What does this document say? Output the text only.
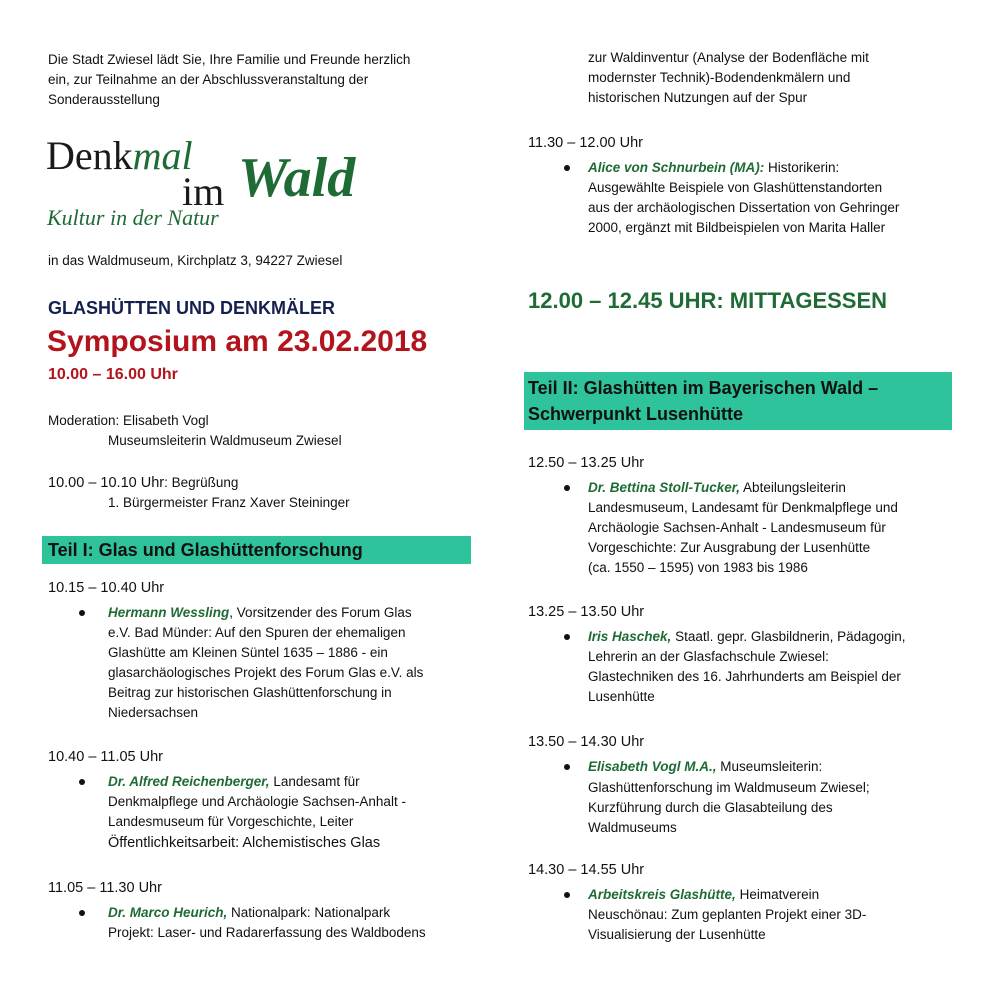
Die Stadt Zwiesel lädt Sie, Ihre Familie und Freunde herzlich
ein, zur Teilnahme an der Abschlussveranstaltung der
Sonderausstellung
Denkmal
im Wald
Kultur in der Natur
in das Waldmuseum, Kirchplatz 3, 94227 Zwiesel
GLASHÜTTEN UND DENKMÄLER
Symposium am 23.02.2018
10.00 – 16.00 Uhr
Moderation: Elisabeth Vogl
Museumsleiterin Waldmuseum Zwiesel
10.00 – 10.10 Uhr: Begrüßung
1. Bürgermeister Franz Xaver Steininger
Teil I: Glas und Glashüttenforschung
10.15 – 10.40 Uhr
Hermann Wessling, Vorsitzender des Forum Glas
e.V. Bad Münder: Auf den Spuren der ehemaligen
Glashütte am Kleinen Süntel 1635 – 1886 - ein
glasarchäologisches Projekt des Forum Glas e.V. als
Beitrag zur historischen Glashüttenforschung in
Niedersachsen
10.40 – 11.05 Uhr
Dr. Alfred Reichenberger, Landesamt für
Denkmalpflege und Archäologie Sachsen-Anhalt -
Landesmuseum für Vorgeschichte, Leiter
Öffentlichkeitsarbeit: Alchemistisches Glas
11.05 – 11.30 Uhr
Dr. Marco Heurich, Nationalpark: Nationalpark
Projekt: Laser- und Radarerfassung des Waldbodens
zur Waldinventur (Analyse der Bodenfläche mit
modernster Technik)-Bodendenkmälern und
historischen Nutzungen auf der Spur
11.30 – 12.00 Uhr
Alice von Schnurbein (MA): Historikerin:
Ausgewählte Beispiele von Glashüttenstandorten
aus der archäologischen Dissertation von Gehringer
2000, ergänzt mit Bildbeispielen von Marita Haller
12.00 – 12.45 UHR: MITTAGESSEN
Teil II: Glashütten im Bayerischen Wald –
Schwerpunkt Lusenhütte
12.50 – 13.25 Uhr
Dr. Bettina Stoll-Tucker, Abteilungsleiterin
Landesmuseum, Landesamt für Denkmalpflege und
Archäologie Sachsen-Anhalt - Landesmuseum für
Vorgeschichte: Zur Ausgrabung der Lusenhütte
(ca. 1550 – 1595) von 1983 bis 1986
13.25 – 13.50 Uhr
Iris Haschek, Staatl. gepr. Glasbildnerin, Pädagogin,
Lehrerin an der Glasfachschule Zwiesel:
Glastechniken des 16. Jahrhunderts am Beispiel der
Lusenhütte
13.50 – 14.30 Uhr
Elisabeth Vogl M.A., Museumsleiterin:
Glashüttenforschung im Waldmuseum Zwiesel;
Kurzführung durch die Glasabteilung des
Waldmuseums
14.30 – 14.55 Uhr
Arbeitskreis Glashütte, Heimatverein
Neuschönau: Zum geplanten Projekt einer 3D-
Visualisierung der Lusenhütte
